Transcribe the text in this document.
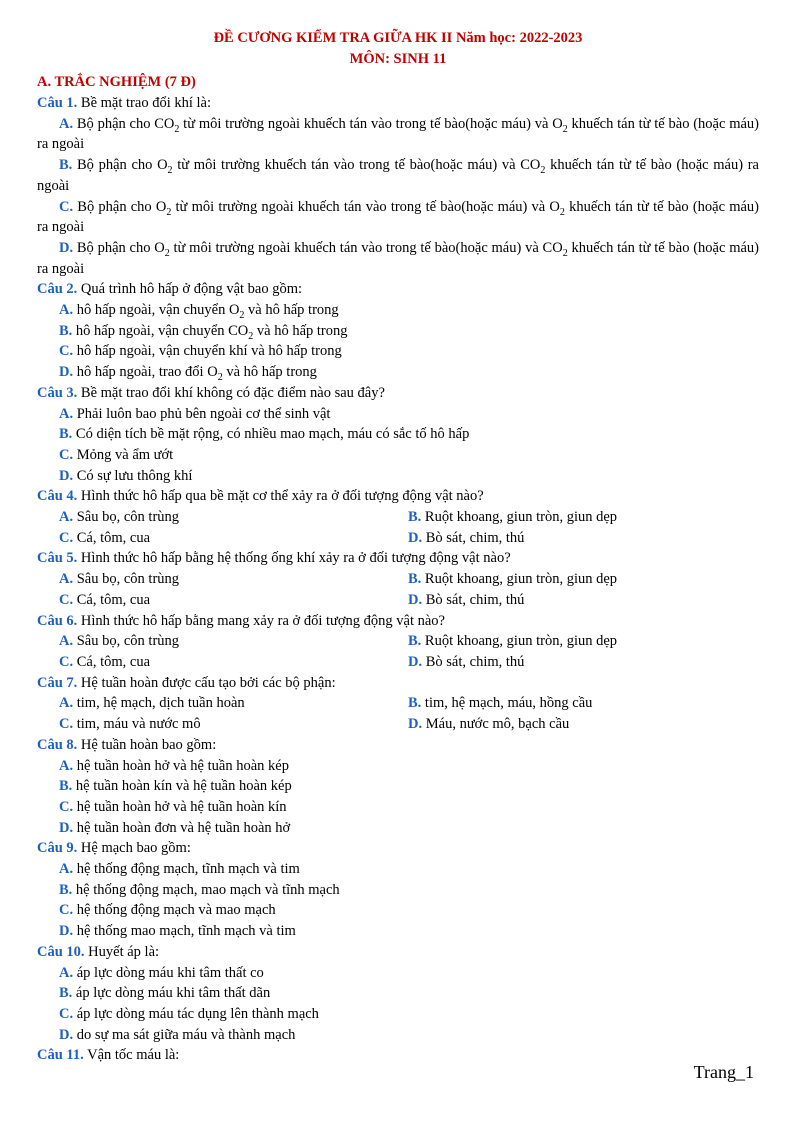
ĐỀ CƯƠNG KIỂM TRA GIỮA HK II Năm học: 2022-2023
MÔN: SINH 11
A. TRẮC NGHIỆM (7 Đ)
Câu 1. Bề mặt trao đổi khí là:
A. Bộ phận cho $CO_2$ từ môi trường ngoài khuếch tán vào trong tế bào(hoặc máu) và $O_2$ khuếch tán từ tế bào (hoặc máu) ra ngoài
B. Bộ phận cho $O_2$ từ môi trường khuếch tán vào trong tế bào(hoặc máu) và $CO_2$ khuếch tán từ tế bào (hoặc máu) ra ngoài
C. Bộ phận cho $O_2$ từ môi trường ngoài khuếch tán vào trong tế bào(hoặc máu) và $O_2$ khuếch tán từ tế bào (hoặc máu) ra ngoài
D. Bộ phận cho $O_2$ từ môi trường ngoài khuếch tán vào trong tế bào(hoặc máu) và $CO_2$ khuếch tán từ tế bào (hoặc máu) ra ngoài
Câu 2. Quá trình hô hấp ở động vật bao gồm:
A. hô hấp ngoài, vận chuyển $O_2$ và hô hấp trong
B. hô hấp ngoài, vận chuyển $CO_2$ và hô hấp trong
C. hô hấp ngoài, vận chuyển khí và hô hấp trong
D. hô hấp ngoài, trao đổi $O_2$ và hô hấp trong
Câu 3. Bề mặt trao đổi khí không có đặc điểm nào sau đây?
A. Phải luôn bao phủ bên ngoài cơ thể sinh vật
B. Có diện tích bề mặt rộng, có nhiều mao mạch, máu có sắc tố hô hấp
C. Mỏng và ẩm ướt
D. Có sự lưu thông khí
Câu 4. Hình thức hô hấp qua bề mặt cơ thể xảy ra ở đối tượng động vật nào?
A. Sâu bọ, côn trùng	B. Ruột khoang, giun tròn, giun dẹp
C. Cá, tôm, cua	D. Bò sát, chim, thú
Câu 5. Hình thức hô hấp bằng hệ thống ống khí xảy ra ở đối tượng động vật nào?
A. Sâu bọ, côn trùng	B. Ruột khoang, giun tròn, giun dẹp
C. Cá, tôm, cua	D. Bò sát, chim, thú
Câu 6. Hình thức hô hấp bằng mang xảy ra ở đối tượng động vật nào?
A. Sâu bọ, côn trùng	B. Ruột khoang, giun tròn, giun dẹp
C. Cá, tôm, cua	D. Bò sát, chim, thú
Câu 7. Hệ tuần hoàn được cấu tạo bởi các bộ phận:
A. tim, hệ mạch, dịch tuần hoàn	B. tim, hệ mạch, máu, hồng cầu
C. tim, máu và nước mô	D. Máu, nước mô, bạch cầu
Câu 8. Hệ tuần hoàn bao gồm:
A. hệ tuần hoàn hở và hệ tuần hoàn kép
B. hệ tuần hoàn kín và hệ tuần hoàn kép
C. hệ tuần hoàn hở và hệ tuần hoàn kín
D. hệ tuần hoàn đơn và hệ tuần hoàn hở
Câu 9. Hệ mạch bao gồm:
A. hệ thống động mạch, tĩnh mạch và tim
B. hệ thống động mạch, mao mạch và tĩnh mạch
C. hệ thống động mạch và mao mạch
D. hệ thống mao mạch, tĩnh mạch và tim
Câu 10. Huyết áp là:
A. áp lực dòng máu khi tâm thất co
B. áp lực dòng máu khi tâm thất dãn
C. áp lực dòng máu tác dụng lên thành mạch
D. do sự ma sát giữa máu và thành mạch
Câu 11. Vận tốc máu là:
Trang_1
